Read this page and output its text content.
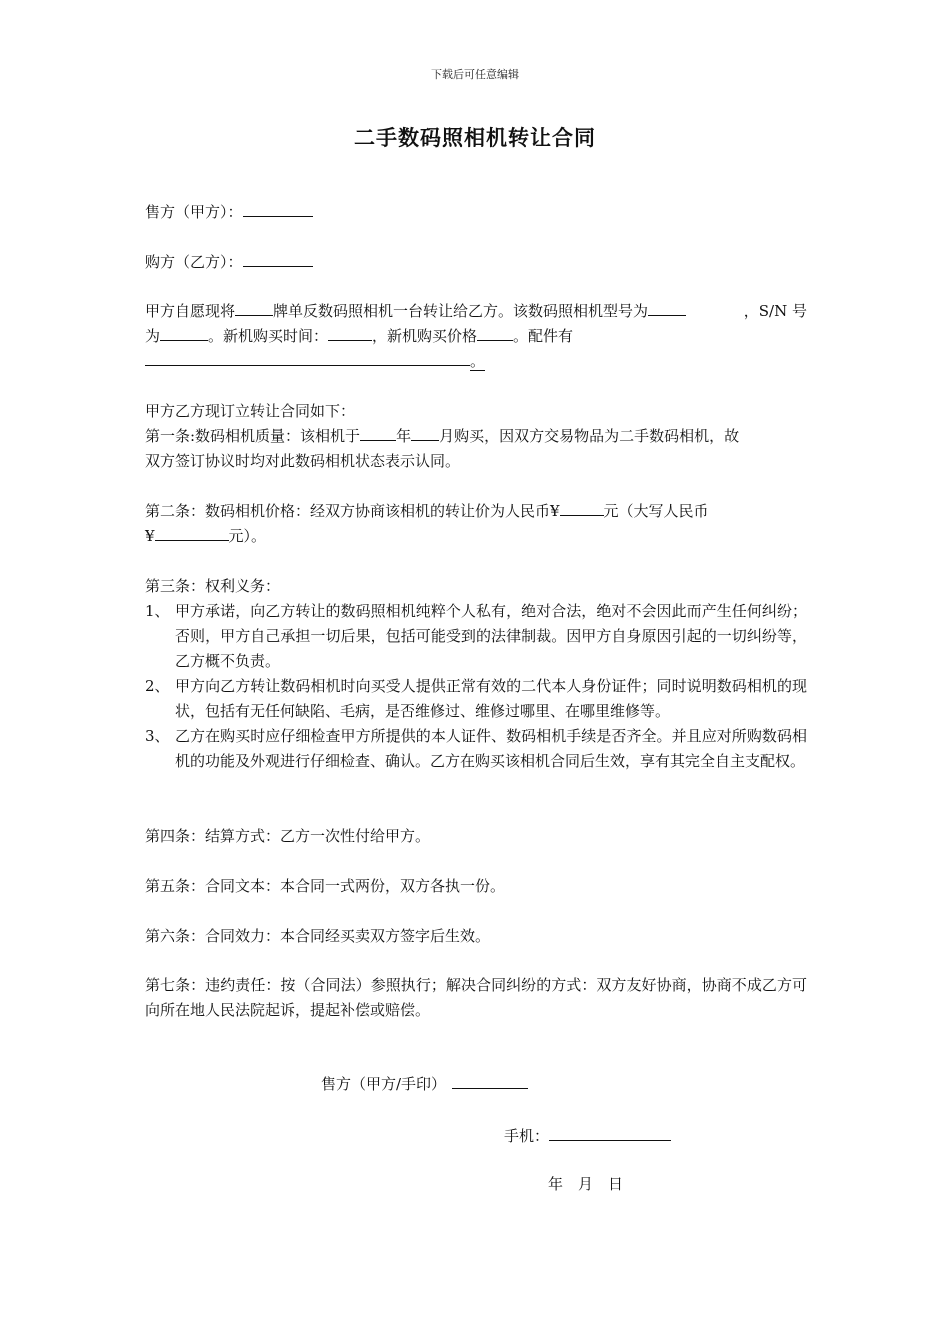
下载后可任意编辑
二手数码照相机转让合同
售方（甲方）：
购方（乙方）：
甲方自愿现将	牌单反数码照相机一台转让给乙方。该数码照相机型号为	，S/N 号
为	。新机购买时间：	，新机购买价格 。配件有
。
甲方乙方现订立转让合同如下：
第一条:数码相机质量：该相机于 年 月购买，因双方交易物品为二手数码相机，故
双方签订协议时均对此数码相机状态表示认同。
第二条：数码相机价格：经双方协商该相机的转让价为人民币¥	元（大写人民币
¥	元）。
第三条：权利义务：
1、 甲方承诺，向乙方转让的数码照相机纯粹个人私有，绝对合法，绝对不会因此而产生任何纠纷；否则，甲方自己承担一切后果，包括可能受到的法律制裁。因甲方自身原因引起的一切纠纷等，乙方概不负责。
2、 甲方向乙方转让数码相机时向买受人提供正常有效的二代本人身份证件；同时说明数码相机的现状，包括有无任何缺陷、毛病，是否维修过、维修过哪里、在哪里维修等。
3、 乙方在购买时应仔细检查甲方所提供的本人证件、数码相机手续是否齐全。并且应对所购数码相机的功能及外观进行仔细检查、确认。乙方在购买该相机合同后生效，享有其完全自主支配权。
第四条：结算方式：乙方一次性付给甲方。
第五条：合同文本：本合同一式两份，双方各执一份。
第六条：合同效力：本合同经买卖双方签字后生效。
第七条：违约责任：按（合同法）参照执行；解决合同纠纷的方式：双方友好协商，协商不成乙方可向所在地人民法院起诉，提起补偿或赔偿。
售方（甲方/手印）
手机：
年　月　日
